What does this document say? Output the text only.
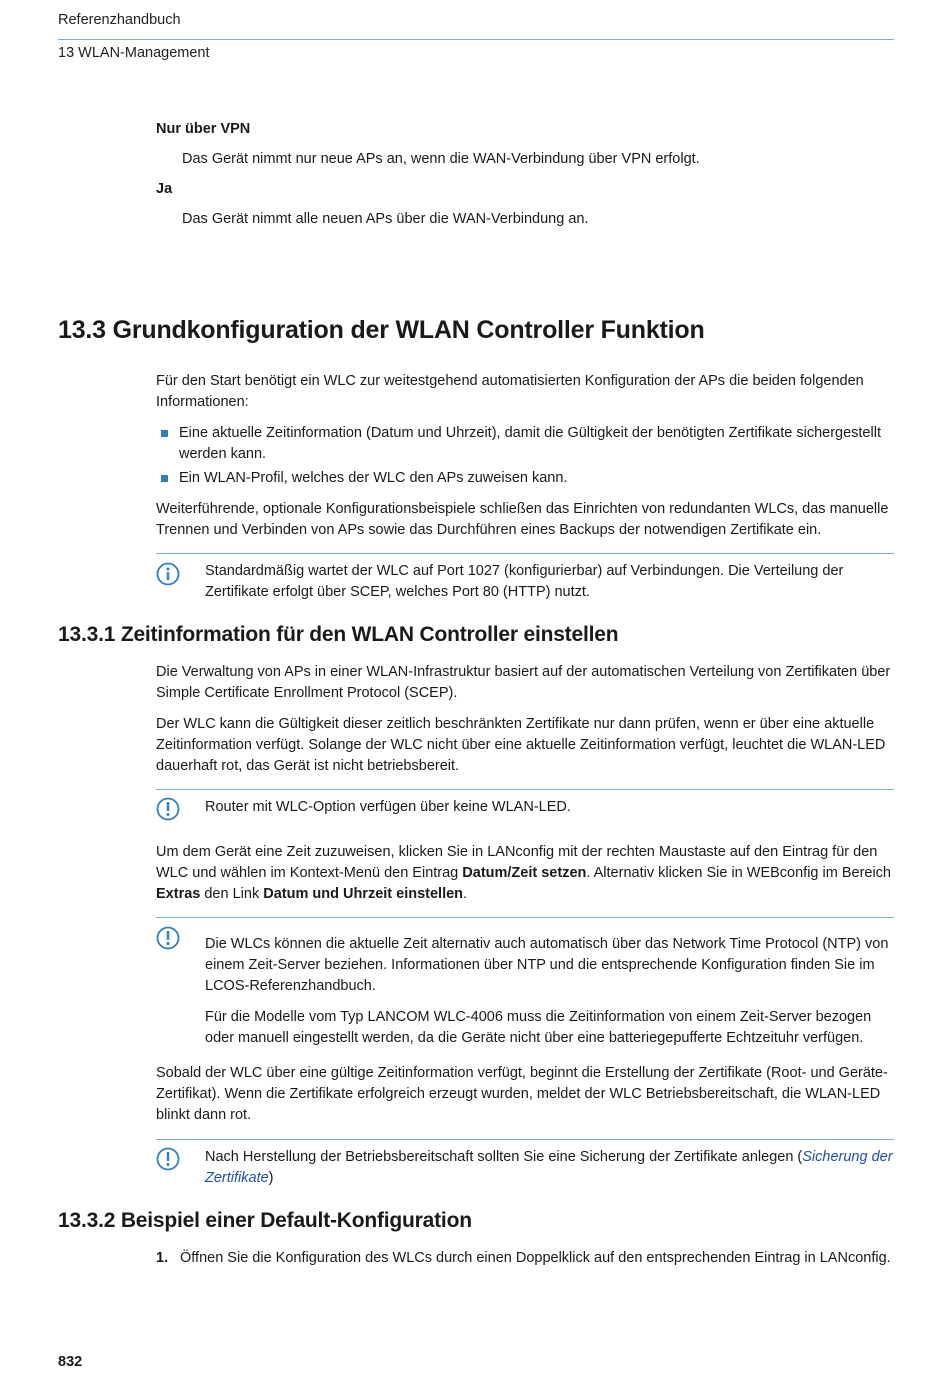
Referenzhandbuch
13 WLAN-Management
Nur über VPN
Das Gerät nimmt nur neue APs an, wenn die WAN-Verbindung über VPN erfolgt.
Ja
Das Gerät nimmt alle neuen APs über die WAN-Verbindung an.
13.3 Grundkonfiguration der WLAN Controller Funktion
Für den Start benötigt ein WLC zur weitestgehend automatisierten Konfiguration der APs die beiden folgenden Informationen:
Eine aktuelle Zeitinformation (Datum und Uhrzeit), damit die Gültigkeit der benötigten Zertifikate sichergestellt werden kann.
Ein WLAN-Profil, welches der WLC den APs zuweisen kann.
Weiterführende, optionale Konfigurationsbeispiele schließen das Einrichten von redundanten WLCs, das manuelle Trennen und Verbinden von APs sowie das Durchführen eines Backups der notwendigen Zertifikate ein.
Standardmäßig wartet der WLC auf Port 1027 (konfigurierbar) auf Verbindungen. Die Verteilung der Zertifikate erfolgt über SCEP, welches Port 80 (HTTP) nutzt.
13.3.1 Zeitinformation für den WLAN Controller einstellen
Die Verwaltung von APs in einer WLAN-Infrastruktur basiert auf der automatischen Verteilung von Zertifikaten über Simple Certificate Enrollment Protocol (SCEP).
Der WLC kann die Gültigkeit dieser zeitlich beschränkten Zertifikate nur dann prüfen, wenn er über eine aktuelle Zeitinformation verfügt. Solange der WLC nicht über eine aktuelle Zeitinformation verfügt, leuchtet die WLAN-LED dauerhaft rot, das Gerät ist nicht betriebsbereit.
Router mit WLC-Option verfügen über keine WLAN-LED.
Um dem Gerät eine Zeit zuzuweisen, klicken Sie in LANconfig mit der rechten Maustaste auf den Eintrag für den WLC und wählen im Kontext-Menü den Eintrag Datum/Zeit setzen. Alternativ klicken Sie in WEBconfig im Bereich Extras den Link Datum und Uhrzeit einstellen.

Die WLCs können die aktuelle Zeit alternativ auch automatisch über das Network Time Protocol (NTP) von einem Zeit-Server beziehen. Informationen über NTP und die entsprechende Konfiguration finden Sie im LCOS-Referenzhandbuch.

Für die Modelle vom Typ LANCOM WLC-4006 muss die Zeitinformation von einem Zeit-Server bezogen oder manuell eingestellt werden, da die Geräte nicht über eine batteriegepufferte Echtzeituhr verfügen.

Sobald der WLC über eine gültige Zeitinformation verfügt, beginnt die Erstellung der Zertifikate (Root- und Geräte-Zertifikat). Wenn die Zertifikate erfolgreich erzeugt wurden, meldet der WLC Betriebsbereitschaft, die WLAN-LED blinkt dann rot.
Nach Herstellung der Betriebsbereitschaft sollten Sie eine Sicherung der Zertifikate anlegen (Sicherung der Zertifikate)
13.3.2 Beispiel einer Default-Konfiguration
1. Öffnen Sie die Konfiguration des WLCs durch einen Doppelklick auf den entsprechenden Eintrag in LANconfig.
832
